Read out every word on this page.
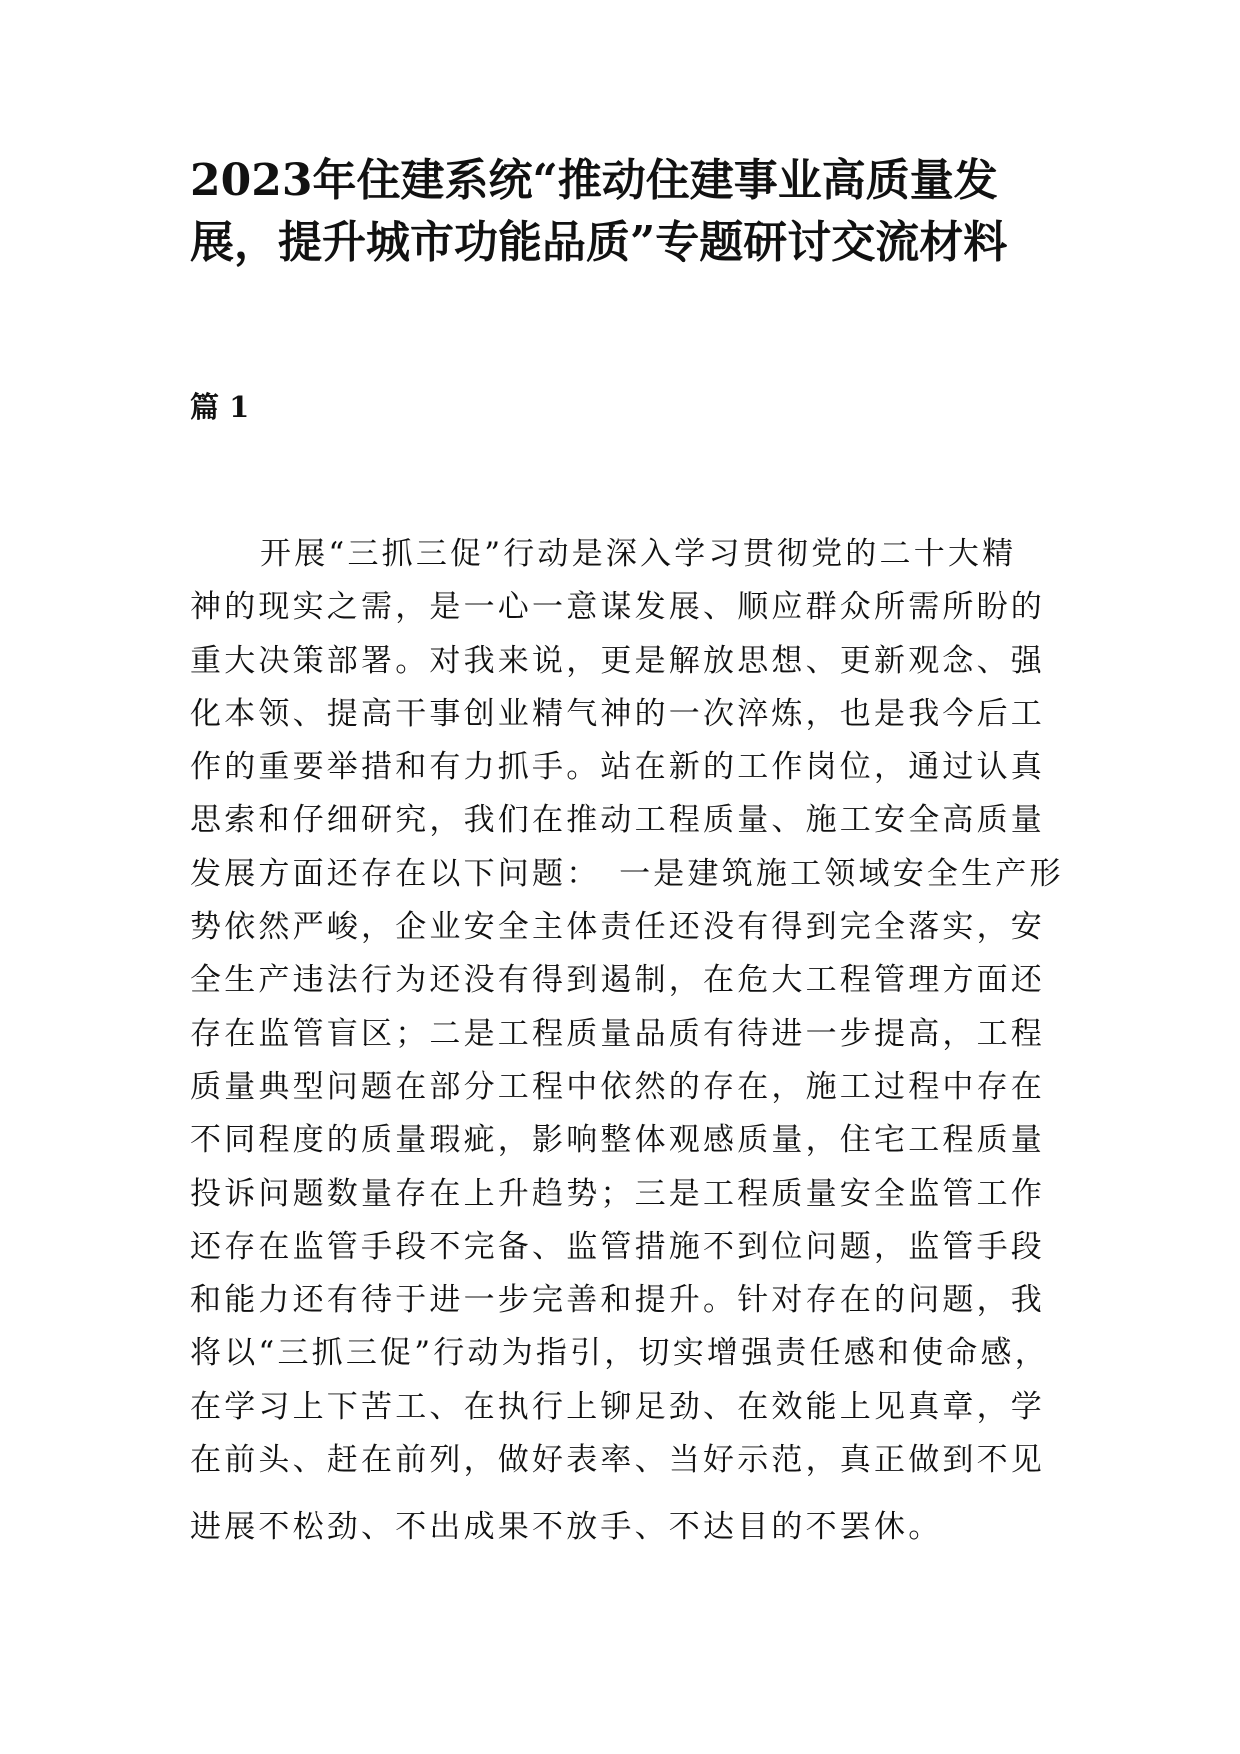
2023年住建系统“推动住建事业高质量发
展，提升城市功能品质”专题研讨交流材料
篇 1
开展“三抓三促”行动是深入学习贯彻党的二十大精
神的现实之需，是一心一意谋发展、顺应群众所需所盼的
重大决策部署。对我来说，更是解放思想、更新观念、强
化本领、提高干事创业精气神的一次淬炼，也是我今后工
作的重要举措和有力抓手。站在新的工作岗位，通过认真
思索和仔细研究，我们在推动工程质量、施工安全高质量
发展方面还存在以下问题：　一是建筑施工领域安全生产形
势依然严峻，企业安全主体责任还没有得到完全落实，安
全生产违法行为还没有得到遏制，在危大工程管理方面还
存在监管盲区；二是工程质量品质有待进一步提高，工程
质量典型问题在部分工程中依然的存在，施工过程中存在
不同程度的质量瑕疵，影响整体观感质量，住宅工程质量
投诉问题数量存在上升趋势；三是工程质量安全监管工作
还存在监管手段不完备、监管措施不到位问题，监管手段
和能力还有待于进一步完善和提升。针对存在的问题，我
将以“三抓三促”行动为指引，切实增强责任感和使命感，
在学习上下苦工、在执行上铆足劲、在效能上见真章，学
在前头、赶在前列，做好表率、当好示范，真正做到不见
进展不松劲、不出成果不放手、不达目的不罢休。
